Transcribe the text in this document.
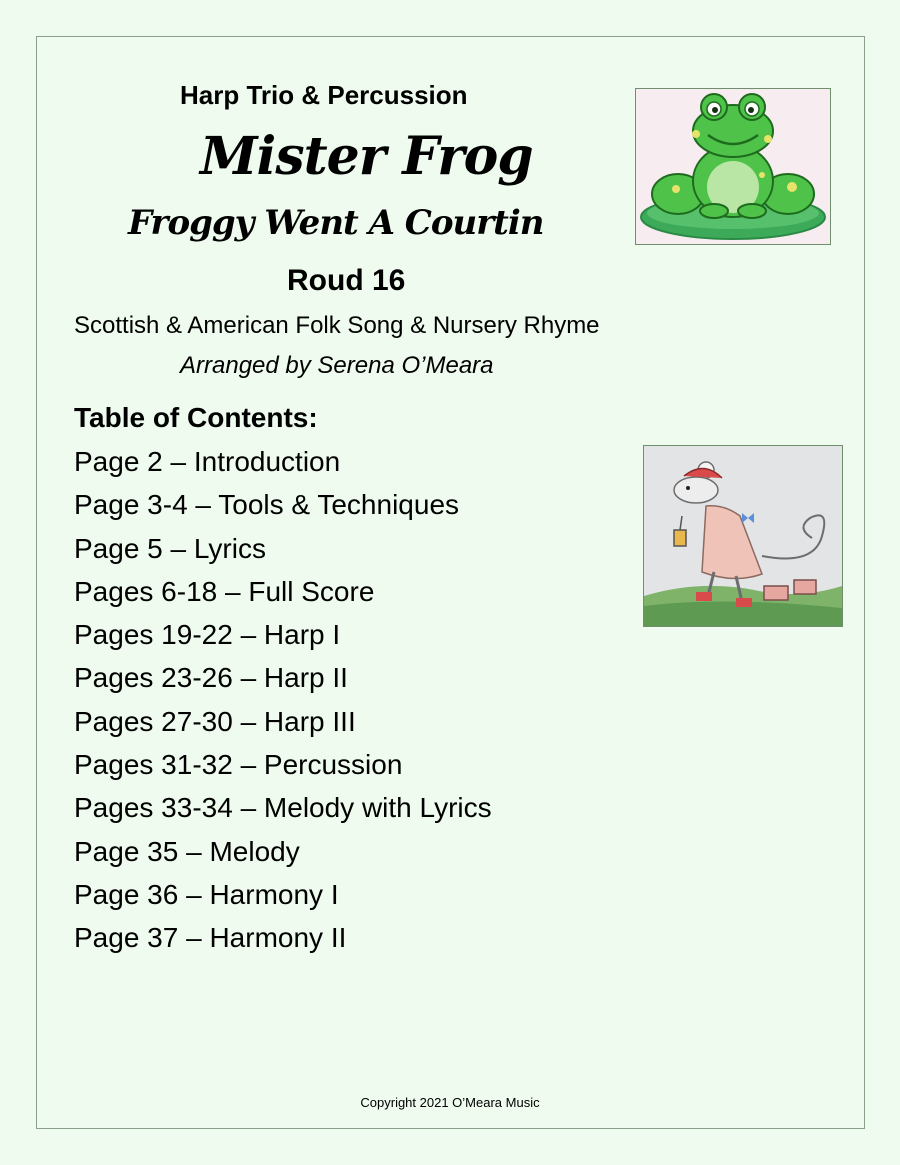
Harp Trio & Percussion

Mister Frog

Froggy Went A Courtin

Roud 16

Scottish & American Folk Song & Nursery Rhyme

Arranged by Serena O’Meara

Table of Contents:

Page 2 – Introduction
Page 3-4 – Tools & Techniques
Page 5 – Lyrics
Pages 6-18 – Full Score
Pages 19-22 – Harp I
Pages 23-26 – Harp II
Pages 27-30 – Harp III
Pages 31-32 – Percussion
Pages 33-34 – Melody with Lyrics
Page 35 – Melody
Page 36 – Harmony I
Page 37 – Harmony II

Copyright 2021 O’Meara Music
